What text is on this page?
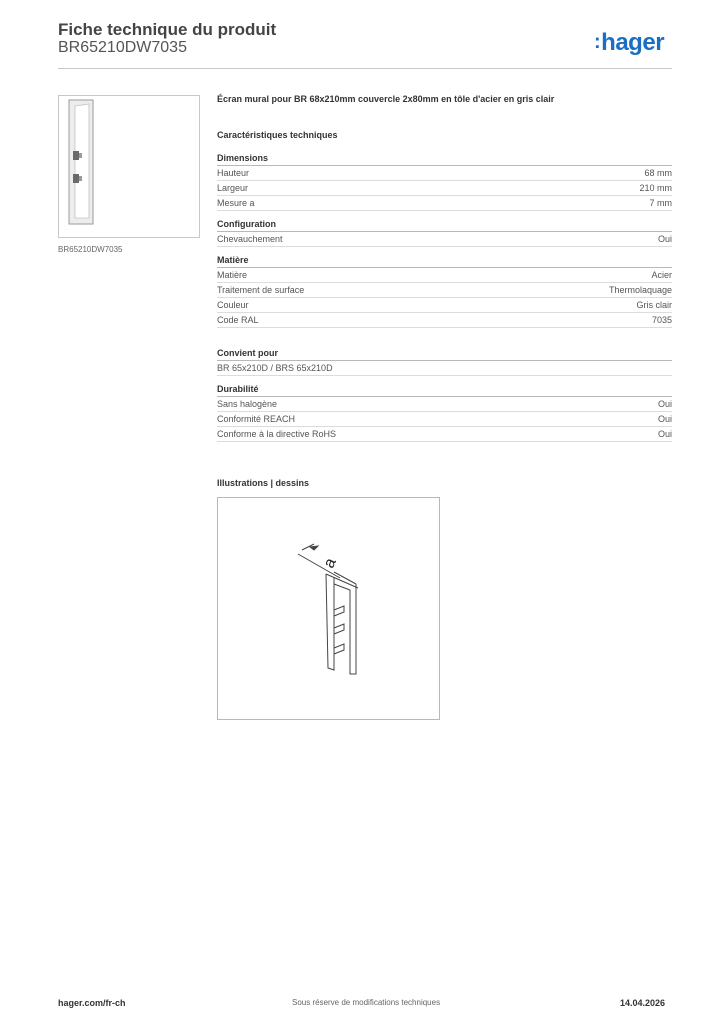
Fiche technique du produit
BR65210DW7035	:hager
BR65210DW7035
Écran mural pour BR 68x210mm couvercle 2x80mm en tôle d'acier en gris clair
Caractéristiques techniques
Dimensions
Hauteur	68 mm
Largeur	210 mm
Mesure a	7 mm
Configuration
Chevauchement	Oui
Matière
Matière	Acier
Traitement de surface	Thermolaquage
Couleur	Gris clair
Code RAL	7035
Convient pour
BR 65x210D / BRS 65x210D
Durabilité
Sans halogène	Oui
Conformité REACH	Oui
Conforme à la directive RoHS	Oui
Illustrations | dessins
a
hager.com/fr-ch	Sous réserve de modifications techniques	14.04.2026
